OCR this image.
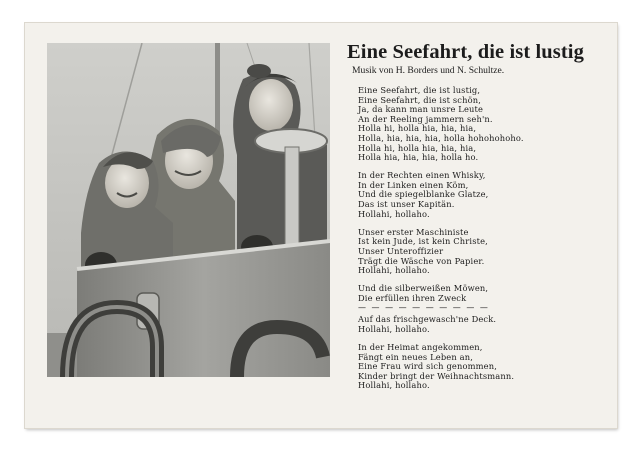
Eine Seefahrt, die ist lustig
Musik von H. Borders und N. Schultze.
Eine Seefahrt, die ist lustig,
Eine Seefahrt, die ist schön,
Ja, da kann man unsre Leute
An der Reeling jammern seh'n.
Holla hi, holla hia, hia, hia,
Holla, hia, hia, hia, holla hohohohoho.
Holla hi, holla hia, hia, hia,
Holla hia, hia, hia, holla ho.
In der Rechten einen Whisky,
In der Linken einen Köm,
Und die spiegelblanke Glatze,
Das ist unser Kapitän.
Hollahi, hollaho.
Unser erster Maschiniste
Ist kein Jude, ist kein Christe,
Unser Unteroffizier
Trägt die Wäsche von Papier.
Hollahi, hollaho.
Und die silberweißen Möwen,
Die erfüllen ihren Zweck
— — — — — — — — — —
Auf das frischgewasch'ne Deck.
Hollahi, hollaho.
In der Heimat angekommen,
Fängt ein neues Leben an,
Eine Frau wird sich genommen,
Kinder bringt der Weihnachtsmann.
Hollahi, hollaho.
